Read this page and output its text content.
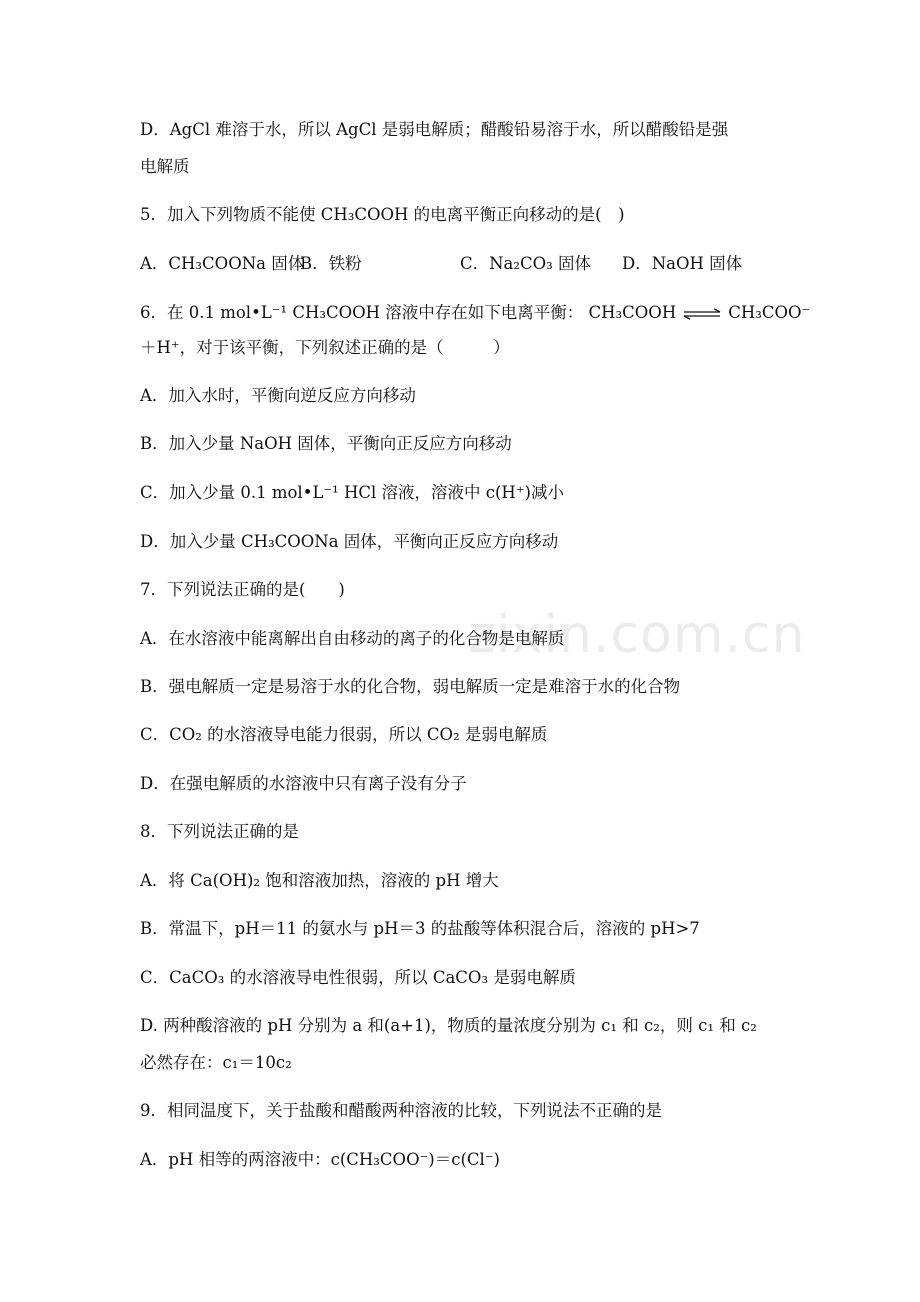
zixin.com.cn
D．AgCl 难溶于水，所以 AgCl 是弱电解质；醋酸铅易溶于水，所以醋酸铅是强
电解质
5．加入下列物质不能使 CH₃COOH 的电离平衡正向移动的是(　)
A．CH₃COONa 固体
B．铁粉	C．Na₂CO₃ 固体 D．NaOH 固体
6．在 0.1 mol•L⁻¹ CH₃COOH 溶液中存在如下电离平衡： CH₃COOH ⇌ CH₃COO⁻
＋H⁺，对于该平衡，下列叙述正确的是（　　　）
A．加入水时，平衡向逆反应方向移动
B．加入少量 NaOH 固体，平衡向正反应方向移动
C．加入少量 0.1 mol•L⁻¹ HCl 溶液，溶液中 c(H⁺)减小
D．加入少量 CH₃COONa 固体，平衡向正反应方向移动
7．下列说法正确的是(　　)
A．在水溶液中能离解出自由移动的离子的化合物是电解质
B．强电解质一定是易溶于水的化合物，弱电解质一定是难溶于水的化合物
C．CO₂ 的水溶液导电能力很弱，所以 CO₂ 是弱电解质
D．在强电解质的水溶液中只有离子没有分子
8．下列说法正确的是
A．将 Ca(OH)₂ 饱和溶液加热，溶液的 pH 增大
B．常温下，pH＝11 的氨水与 pH＝3 的盐酸等体积混合后，溶液的 pH>7
C．CaCO₃ 的水溶液导电性很弱，所以 CaCO₃ 是弱电解质
D. 两种酸溶液的 pH 分别为 a 和(a+1)，物质的量浓度分别为 c₁ 和 c₂，则 c₁ 和 c₂
必然存在：c₁＝10c₂
9．相同温度下，关于盐酸和醋酸两种溶液的比较，下列说法不正确的是
A．pH 相等的两溶液中：c(CH₃COO⁻)＝c(Cl⁻)
